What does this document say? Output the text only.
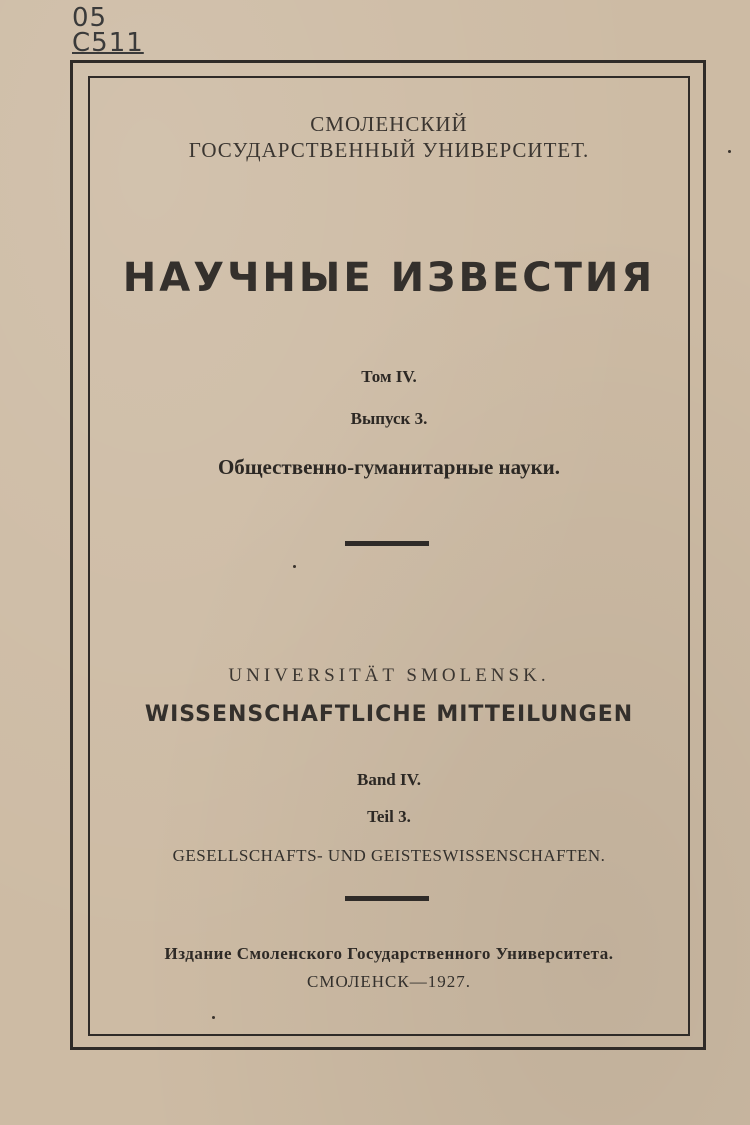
05
C511
СМОЛЕНСКИЙ
ГОСУДАРСТВЕННЫЙ УНИВЕРСИТЕТ.
НАУЧНЫЕ ИЗВЕСТИЯ
Том IV.
Выпуск 3.
Общественно-гуманитарные науки.
UNIVERSITÄT SMOLENSK.
WISSENSCHAFTLICHE MITTEILUNGEN
Band IV.
Teil 3.
GESELLSCHAFTS- UND GEISTESWISSENSCHAFTEN.
Издание Смоленского Государственного Университета.
СМОЛЕНСК—1927.
